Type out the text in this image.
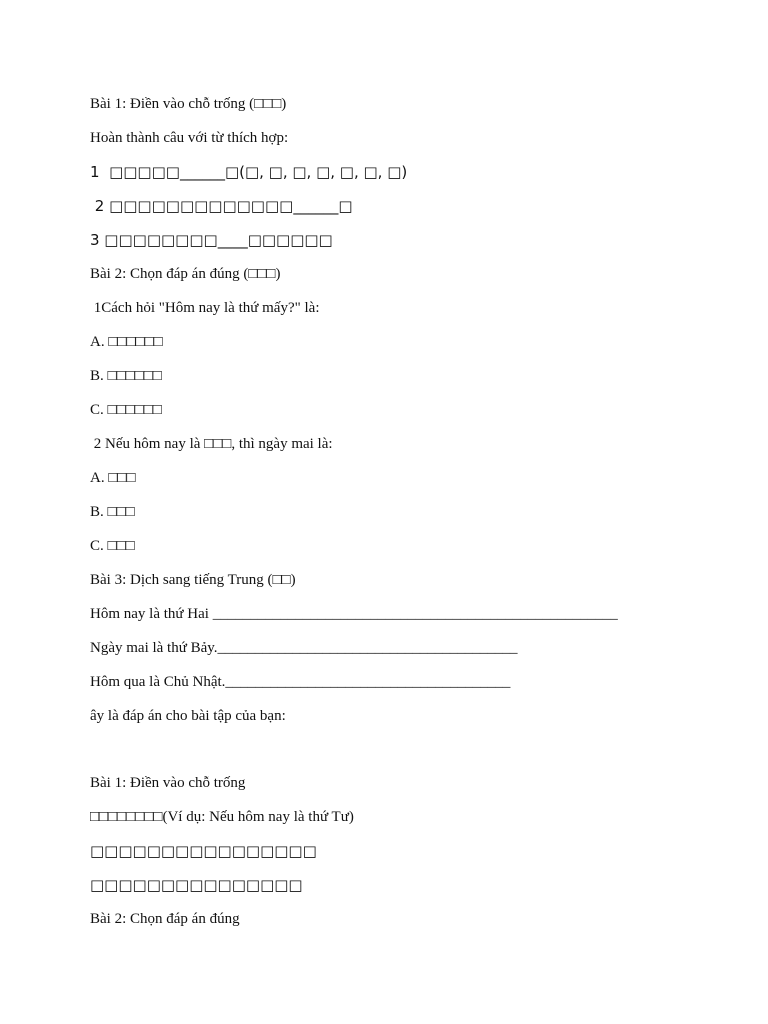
Bài 1: Điền vào chỗ trống (□□□)
Hoàn thành câu với từ thích hợp:
1  □□□□□______□(□, □, □, □, □, □, □)
2 □□□□□□□□□□□□□______□
3 □□□□□□□□____□□□□□□
Bài 2: Chọn đáp án đúng (□□□)
1Cách hỏi "Hôm nay là thứ mấy?" là:
A. □□□□□□
B. □□□□□□
C. □□□□□□
2 Nếu hôm nay là □□□, thì ngày mai là:
A. □□□
B. □□□
C. □□□
Bài 3: Dịch sang tiếng Trung (□□)
Hôm nay là thứ Hai ______________________________________________________
Ngày mai là thứ Bảy.________________________________________
Hôm qua là Chủ Nhật.______________________________________
ây là đáp án cho bài tập của bạn:
Bài 1: Điền vào chỗ trống
□□□□□□□□(Ví dụ: Nếu hôm nay là thứ Tư)
□□□□□□□□□□□□□□□□
□□□□□□□□□□□□□□□
Bài 2: Chọn đáp án đúng
